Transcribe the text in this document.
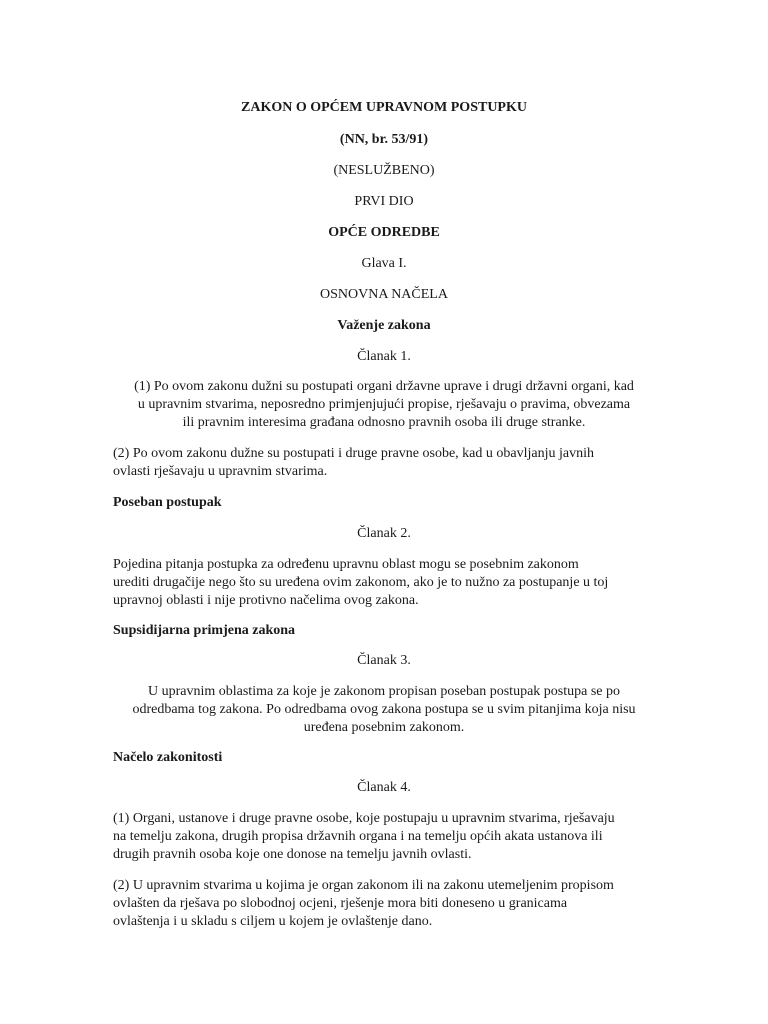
ZAKON O OPĆEM UPRAVNOM POSTUPKU
(NN, br. 53/91)
(NESLUŽBENO)
PRVI DIO
OPĆE ODREDBE
Glava I.
OSNOVNA NAČELA
Važenje zakona
Članak 1.
(1) Po ovom zakonu dužni su postupati organi državne uprave i drugi državni organi, kad
u upravnim stvarima, neposredno primjenjujući propise, rješavaju o pravima, obvezama
ili pravnim interesima građana odnosno pravnih osoba ili druge stranke.
(2) Po ovom zakonu dužne su postupati i druge pravne osobe, kad u obavljanju javnih
ovlasti rješavaju u upravnim stvarima.
Poseban postupak
Članak 2.
Pojedina pitanja postupka za određenu upravnu oblast mogu se posebnim zakonom
urediti drugačije nego što su uređena ovim zakonom, ako je to nužno za postupanje u toj
upravnoj oblasti i nije protivno načelima ovog zakona.
Supsidijarna primjena zakona
Članak 3.
U upravnim oblastima za koje je zakonom propisan poseban postupak postupa se po
odredbama tog zakona. Po odredbama ovog zakona postupa se u svim pitanjima koja nisu
uređena posebnim zakonom.
Načelo zakonitosti
Članak 4.
(1) Organi, ustanove i druge pravne osobe, koje postupaju u upravnim stvarima, rješavaju
na temelju zakona, drugih propisa državnih organa i na temelju općih akata ustanova ili
drugih pravnih osoba koje one donose na temelju javnih ovlasti.
(2) U upravnim stvarima u kojima je organ zakonom ili na zakonu utemeljenim propisom
ovlašten da rješava po slobodnoj ocjeni, rješenje mora biti doneseno u granicama
ovlaštenja i u skladu s ciljem u kojem je ovlaštenje dano.
